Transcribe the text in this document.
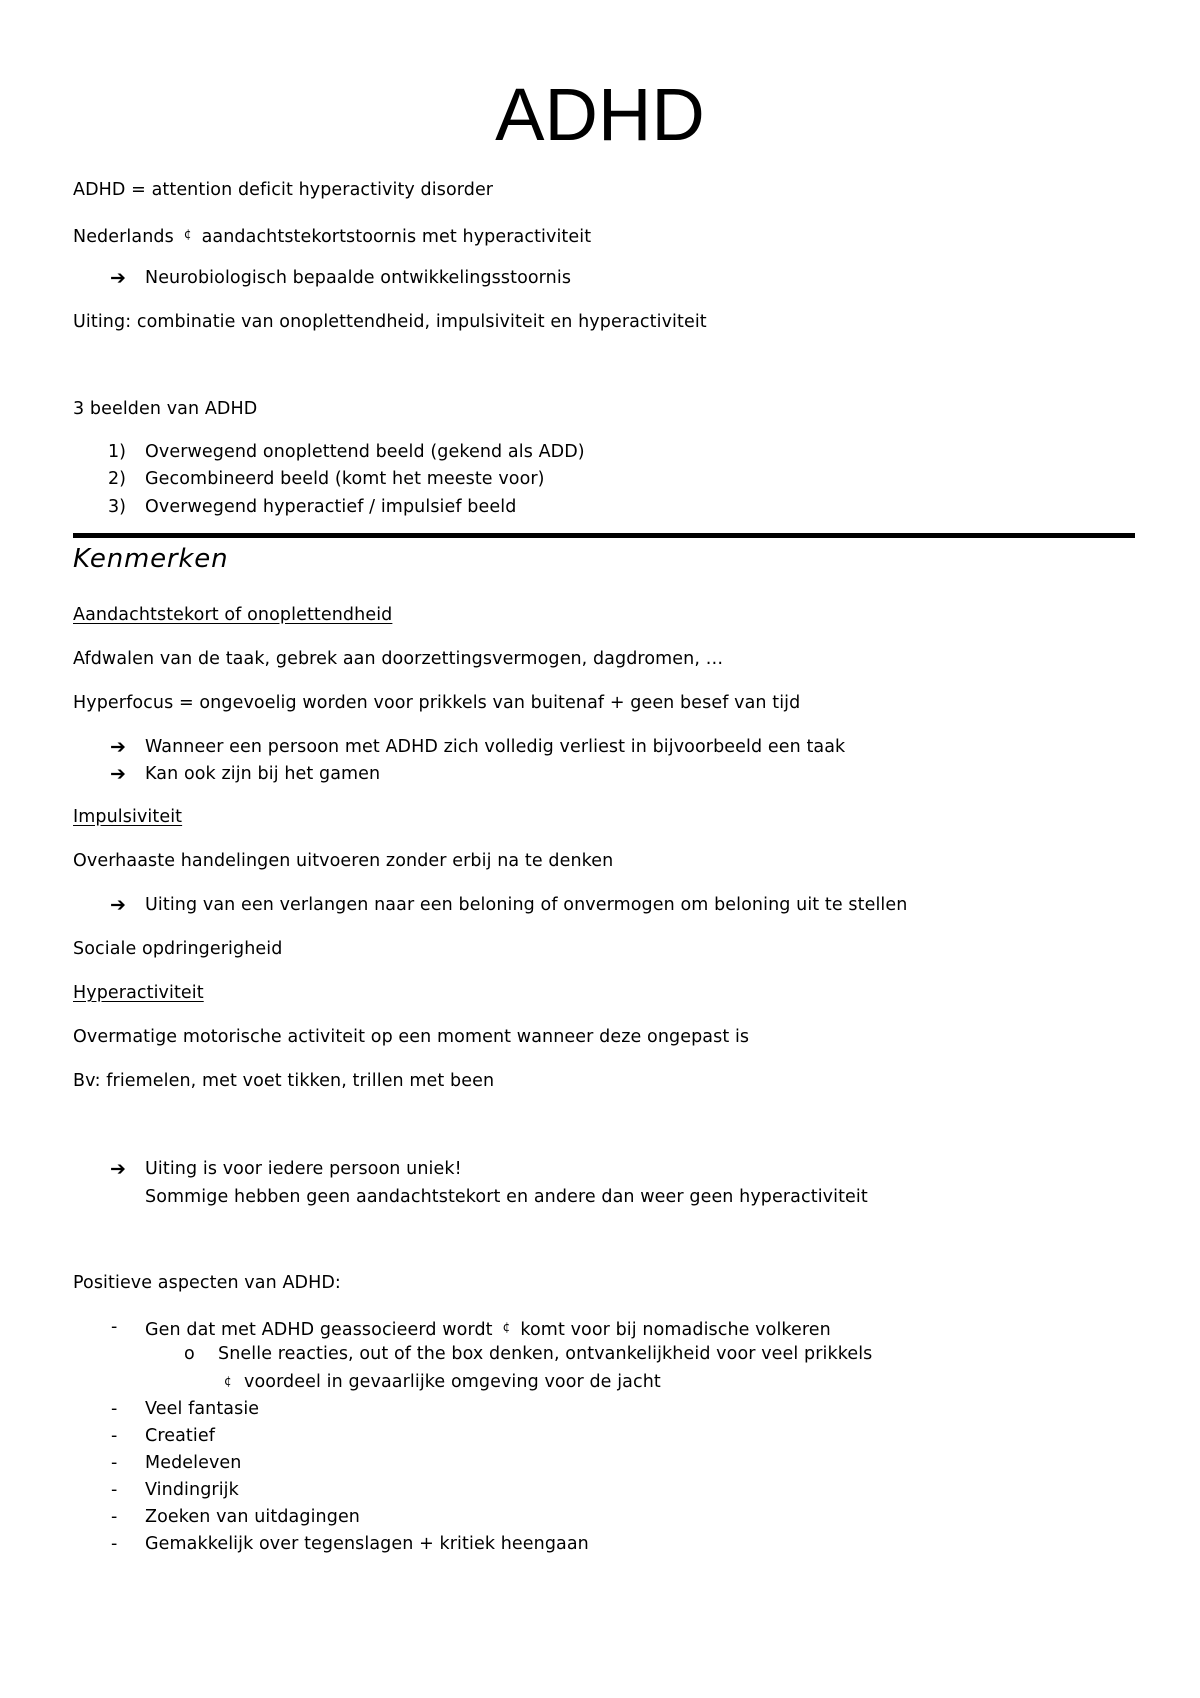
ADHD
ADHD = attention deficit hyperactivity disorder
Nederlands ¢ aandachtstekortstoornis met hyperactiviteit
➔ Neurobiologisch bepaalde ontwikkelingsstoornis
Uiting: combinatie van onoplettendheid, impulsiviteit en hyperactiviteit
3 beelden van ADHD
1) Overwegend onoplettend beeld (gekend als ADD)
2) Gecombineerd beeld (komt het meeste voor)
3) Overwegend hyperactief / impulsief beeld
Kenmerken
Aandachtstekort of onoplettendheid
Afdwalen van de taak, gebrek aan doorzettingsvermogen, dagdromen, …
Hyperfocus = ongevoelig worden voor prikkels van buitenaf + geen besef van tijd
➔ Wanneer een persoon met ADHD zich volledig verliest in bijvoorbeeld een taak
➔ Kan ook zijn bij het gamen
Impulsiviteit
Overhaaste handelingen uitvoeren zonder erbij na te denken
➔ Uiting van een verlangen naar een beloning of onvermogen om beloning uit te stellen
Sociale opdringerigheid
Hyperactiviteit
Overmatige motorische activiteit op een moment wanneer deze ongepast is
Bv: friemelen, met voet tikken, trillen met been
➔ Uiting is voor iedere persoon uniek!
Sommige hebben geen aandachtstekort en andere dan weer geen hyperactiviteit
Positieve aspecten van ADHD:
- Gen dat met ADHD geassocieerd wordt ¢ komt voor bij nomadische volkeren
o Snelle reacties, out of the box denken, ontvankelijkheid voor veel prikkels
¢ voordeel in gevaarlijke omgeving voor de jacht
- Veel fantasie
- Creatief
- Medeleven
- Vindingrijk
- Zoeken van uitdagingen
- Gemakkelijk over tegenslagen + kritiek heengaan
